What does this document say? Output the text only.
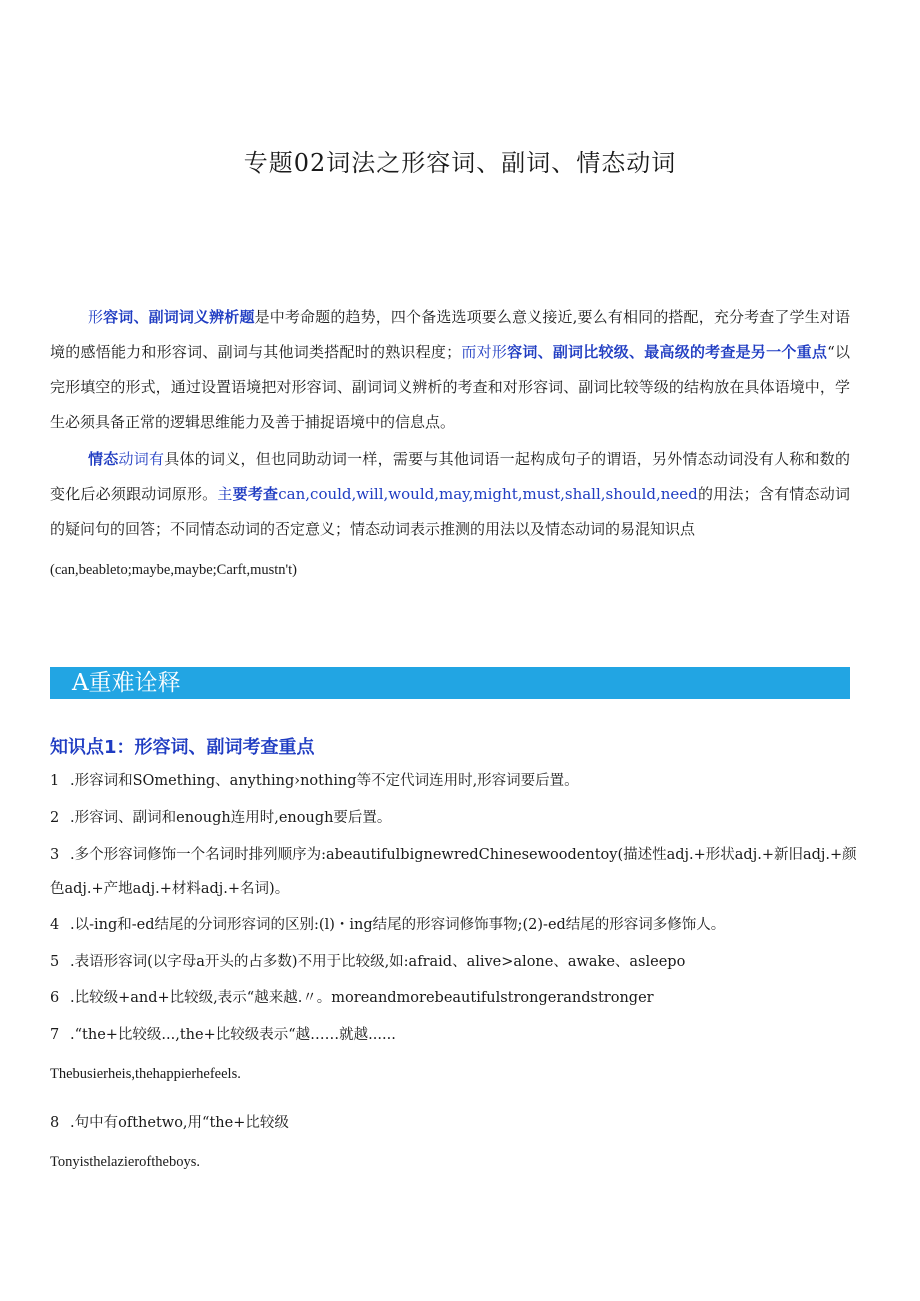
专题02词法之形容词、副词、情态动词

形容词、副词词义辨析题是中考命题的趋势，四个备选选项要么意义接近,要么有相同的搭配，充分考查了学生对语境的感悟能力和形容词、副词与其他词类搭配时的熟识程度；而对形容词、副词比较级、最高级的考查是另一个重点“以完形填空的形式，通过设置语境把对形容词、副词词义辨析的考查和对形容词、副词比较等级的结构放在具体语境中，学生必须具备正常的逻辑思维能力及善于捕捉语境中的信息点。

情态动词有具体的词义，但也同助动词一样，需要与其他词语一起构成句子的谓语，另外情态动词没有人称和数的变化后必须跟动词原形。主要考查can,could,will,would,may,might,must,shall,should,need的用法；含有情态动词的疑问句的回答；不同情态动词的否定意义；情态动词表示推测的用法以及情态动词的易混知识点

(can,beableto;maybe,maybe;Carft,mustn't)

A重难诠释
知识点1：形容词、副词考查重点

1 .形容词和SOmething、anything›nothing等不定代词连用时,形容词要后置。

2 .形容词、副词和enough连用时,enough要后置。

3 .多个形容词修饰一个名词时排列顺序为:abeautifulbignewredChinesewoodentoy(描述性adj.+形状adj.+新旧adj.+颜色adj.+产地adj.+材料adj.+名词)。

4 .以-ing和-ed结尾的分词形容词的区别:(l)・ing结尾的形容词修饰事物;(2)-ed结尾的形容词多修饰人。

5 .表语形容词(以字母a开头的占多数)不用于比较级,如:afraid、alive>alone、awake、asleepo

6 .比较级+and+比较级,表示“越来越.〃。moreandmorebeautifulstrongerandstronger

7 .“the+比较级...,the+比较级表示“越……就越......

Thebusierheis,thehappierhefeels.

8 .句中有ofthetwo,用“the+比较级

Tonyisthelazieroftheboys.
